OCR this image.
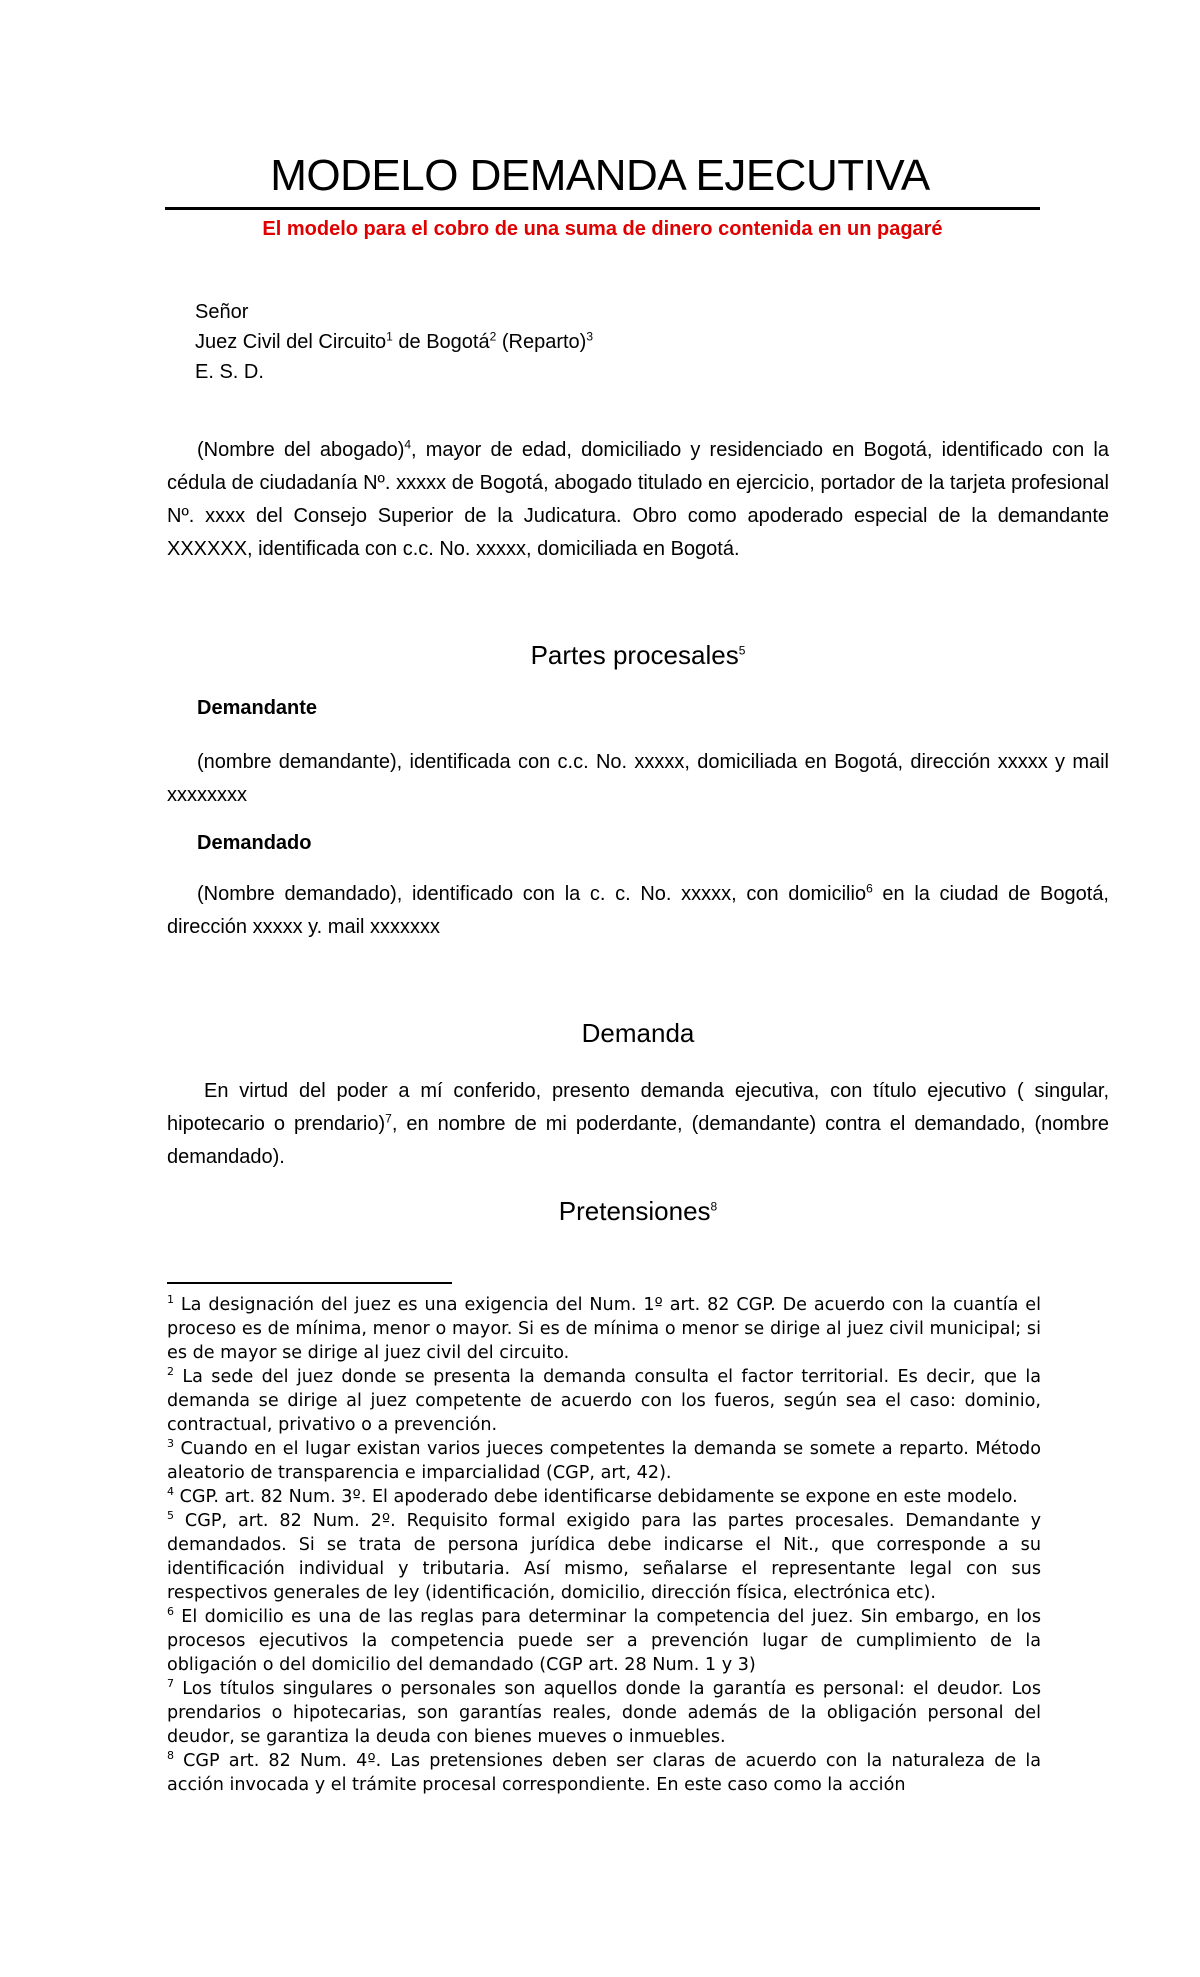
MODELO DEMANDA EJECUTIVA
El modelo para el cobro de una suma de dinero contenida en un pagaré
Señor
Juez Civil del Circuito$^1$ de Bogotá$^2$ (Reparto)$^3$
E. S. D.
(Nombre del abogado)$^4$, mayor de edad, domiciliado y residenciado en Bogotá, identificado con la cédula de ciudadanía Nº. xxxxx de Bogotá, abogado titulado en ejercicio, portador de la tarjeta profesional Nº. xxxx del Consejo Superior de la Judicatura. Obro como apoderado especial de la demandante XXXXXX, identificada con c.c. No. xxxxx, domiciliada en Bogotá.
Partes procesales$^5$
Demandante
(nombre demandante), identificada con c.c. No. xxxxx, domiciliada en Bogotá, dirección xxxxx y mail xxxxxxxx
Demandado
(Nombre demandado), identificado con la c. c. No. xxxxx, con domicilio$^6$ en la ciudad de Bogotá, dirección xxxxx y. mail xxxxxxx
Demanda
En virtud del poder a mí conferido, presento demanda ejecutiva, con título ejecutivo ( singular, hipotecario o prendario)$^7$, en nombre de mi poderdante, (demandante) contra el demandado, (nombre demandado).
Pretensiones$^8$

$^1$ La designación del juez es una exigencia del Num. 1º art. 82 CGP. De acuerdo con la cuantía el proceso es de mínima, menor o mayor. Si es de mínima o menor se dirige al juez civil municipal; si es de mayor se dirige al juez civil del circuito.

$^2$ La sede del juez donde se presenta la demanda consulta el factor territorial. Es decir, que la demanda se dirige al juez competente de acuerdo con los fueros, según sea el caso: dominio, contractual, privativo o a prevención.

$^3$ Cuando en el lugar existan varios jueces competentes la demanda se somete a reparto. Método aleatorio de transparencia e imparcialidad (CGP, art, 42).

$^4$ CGP. art. 82 Num. 3º. El apoderado debe identificarse debidamente se expone en este modelo.

$^5$ CGP, art. 82 Num. 2º. Requisito formal exigido para las partes procesales. Demandante y demandados. Si se trata de persona jurídica debe indicarse el Nit., que corresponde a su identificación individual y tributaria. Así mismo, señalarse el representante legal con sus respectivos generales de ley (identificación, domicilio, dirección física, electrónica etc).

$^6$ El domicilio es una de las reglas para determinar la competencia del juez. Sin embargo, en los procesos ejecutivos la competencia puede ser a prevención lugar de cumplimiento de la obligación o del domicilio del demandado (CGP art. 28 Num. 1 y 3)

$^7$ Los títulos singulares o personales son aquellos donde la garantía es personal: el deudor. Los prendarios o hipotecarias, son garantías reales, donde además de la obligación personal del deudor, se garantiza la deuda con bienes mueves o inmuebles.

$^8$ CGP art. 82 Num. 4º. Las pretensiones deben ser claras de acuerdo con la naturaleza de la acción invocada y el trámite procesal correspondiente. En este caso como la acción
